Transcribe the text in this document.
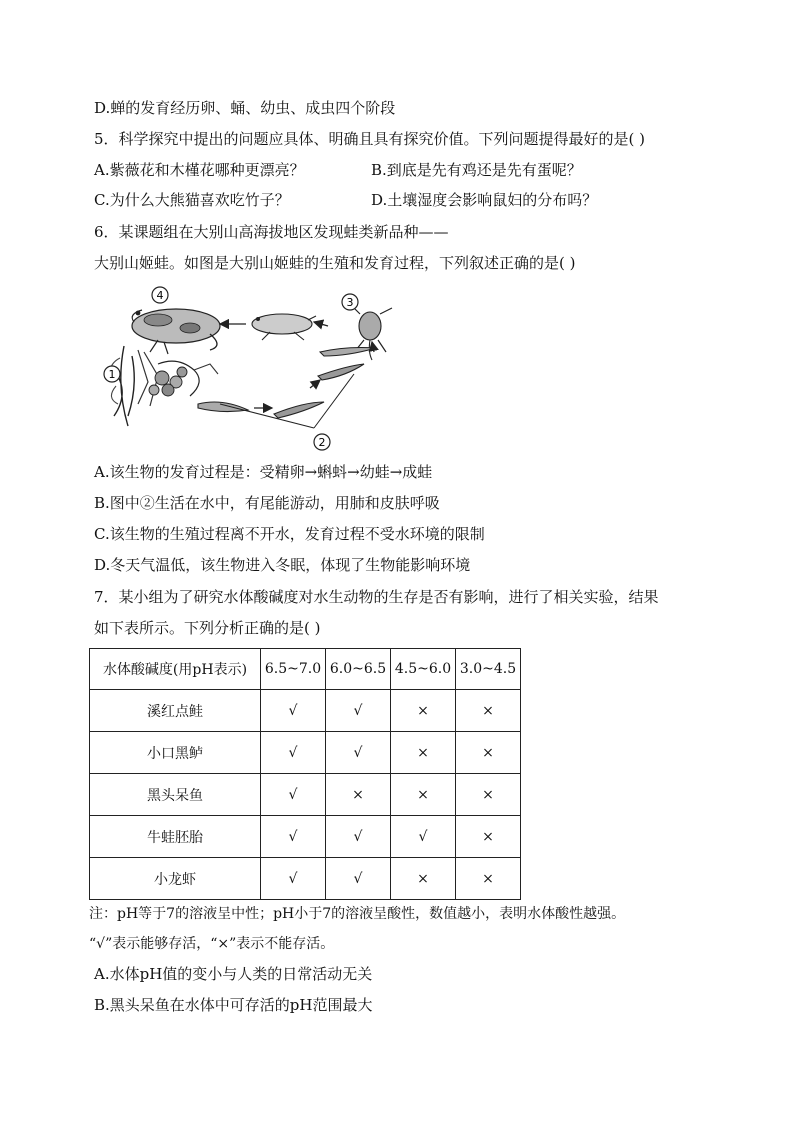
D.蝉的发育经历卵、蛹、幼虫、成虫四个阶段
5．科学探究中提出的问题应具体、明确且具有探究价值。下列问题提得最好的是( )
A.紫薇花和木槿花哪种更漂亮？	B.到底是先有鸡还是先有蛋呢？
C.为什么大熊猫喜欢吃竹子？	D.土壤湿度会影响鼠妇的分布吗？
6．某课题组在大别山高海拔地区发现蛙类新品种——
大别山姬蛙。如图是大别山姬蛙的生殖和发育过程，下列叙述正确的是( )
4
3
1
2
A.该生物的发育过程是：受精卵→蝌蚪→幼蛙→成蛙
B.图中②生活在水中，有尾能游动，用肺和皮肤呼吸
C.该生物的生殖过程离不开水，发育过程不受水环境的限制
D.冬天气温低，该生物进入冬眠，体现了生物能影响环境
7．某小组为了研究水体酸碱度对水生动物的生存是否有影响，进行了相关实验，结果
如下表所示。下列分析正确的是( )
水体酸碱度(用pH表示)	6.5~7.0	6.0~6.5	4.5~6.0	3.0~4.5
溪红点鲑	√	√	×	×
小口黑鲈	√	√	×	×
黑头呆鱼	√	×	×	×
牛蛙胚胎	√	√	√	×
小龙虾	√	√	×	×
注：pH等于7的溶液呈中性；pH小于7的溶液呈酸性，数值越小，表明水体酸性越强。
“√”表示能够存活，“×”表示不能存活。
A.水体pH值的变小与人类的日常活动无关
B.黑头呆鱼在水体中可存活的pH范围最大
